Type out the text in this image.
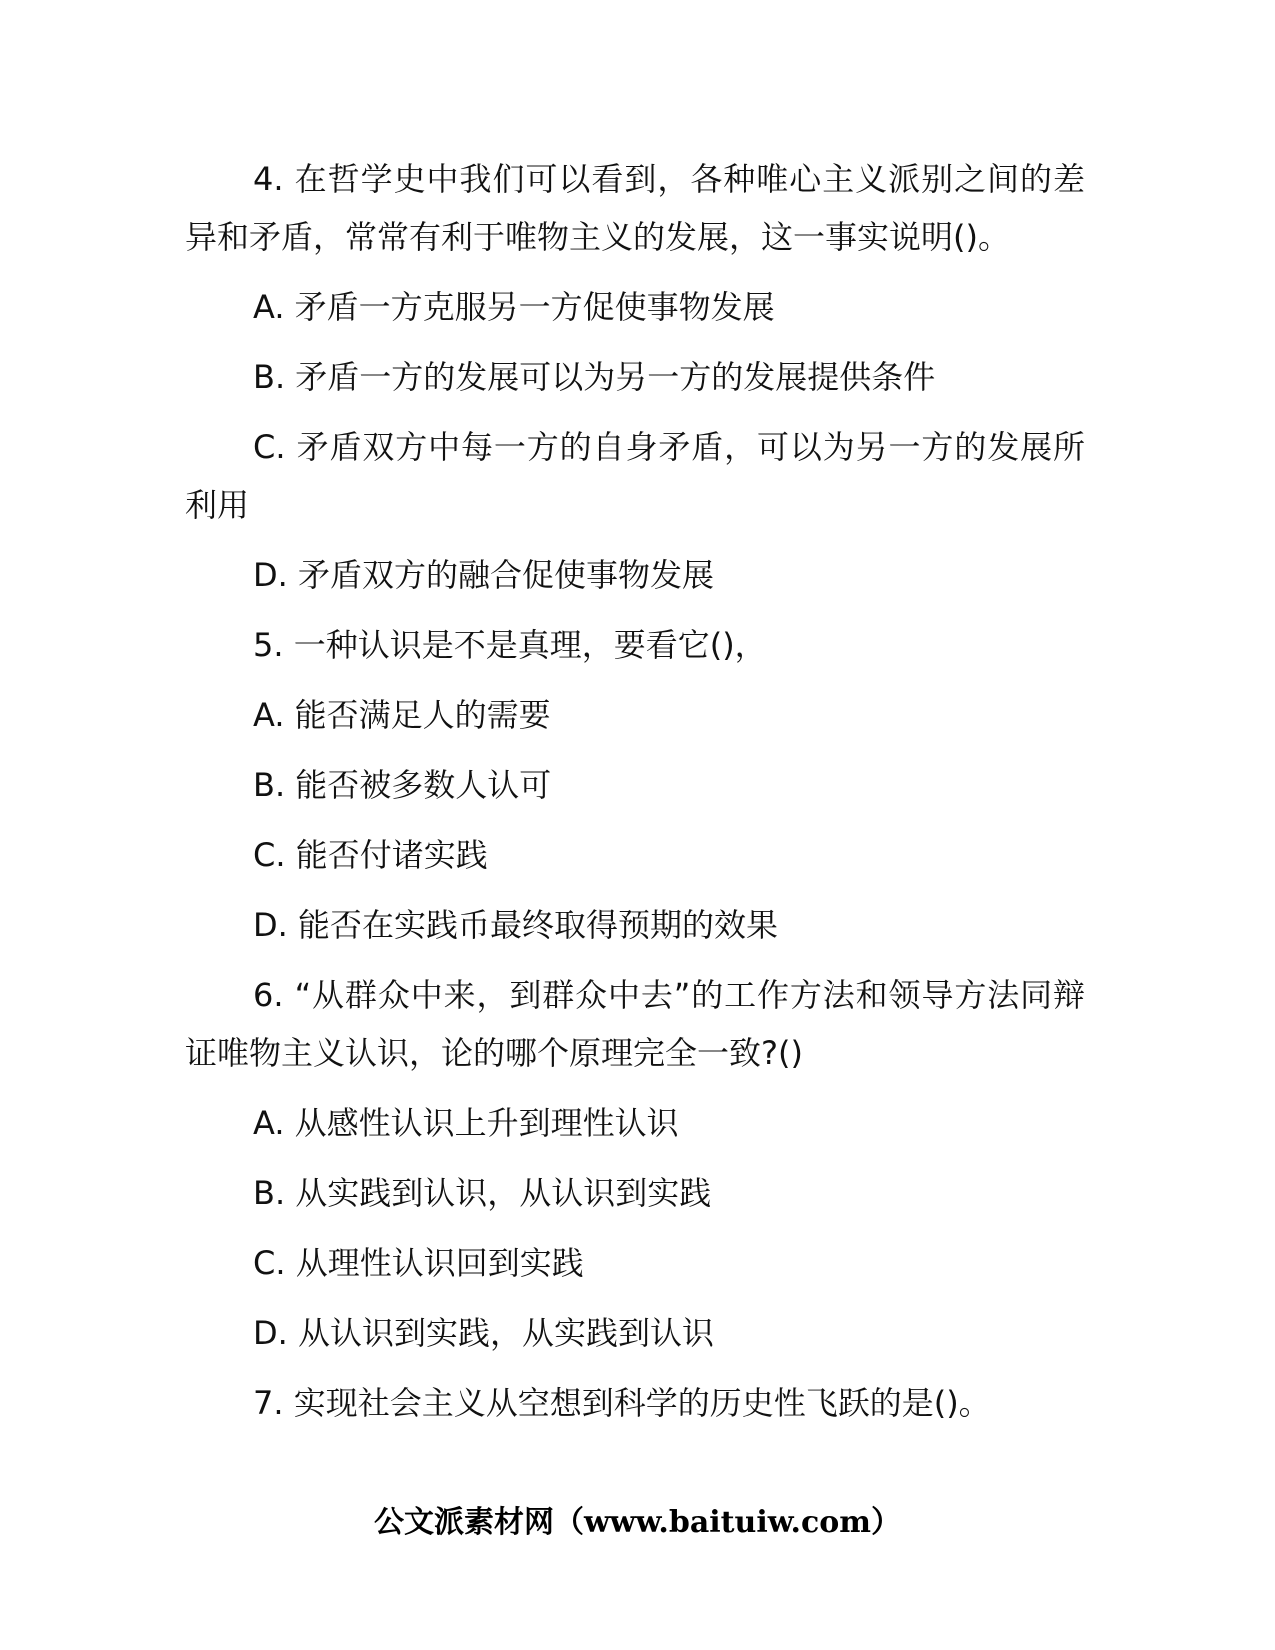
4. 在哲学史中我们可以看到，各种唯心主义派别之间的差异和矛盾，常常有利于唯物主义的发展，这一事实说明()。

A. 矛盾一方克服另一方促使事物发展

B. 矛盾一方的发展可以为另一方的发展提供条件

C. 矛盾双方中每一方的自身矛盾，可以为另一方的发展所利用

D. 矛盾双方的融合促使事物发展

5. 一种认识是不是真理，要看它()，

A. 能否满足人的需要

B. 能否被多数人认可

C. 能否付诸实践

D. 能否在实践币最终取得预期的效果

6. “从群众中来，到群众中去”的工作方法和领导方法同辩证唯物主义认识，论的哪个原理完全一致?()

A. 从感性认识上升到理性认识

B. 从实践到认识，从认识到实践

C. 从理性认识回到实践

D. 从认识到实践，从实践到认识

7. 实现社会主义从空想到科学的历史性飞跃的是()。

公文派素材网（www.baituiw.com）
